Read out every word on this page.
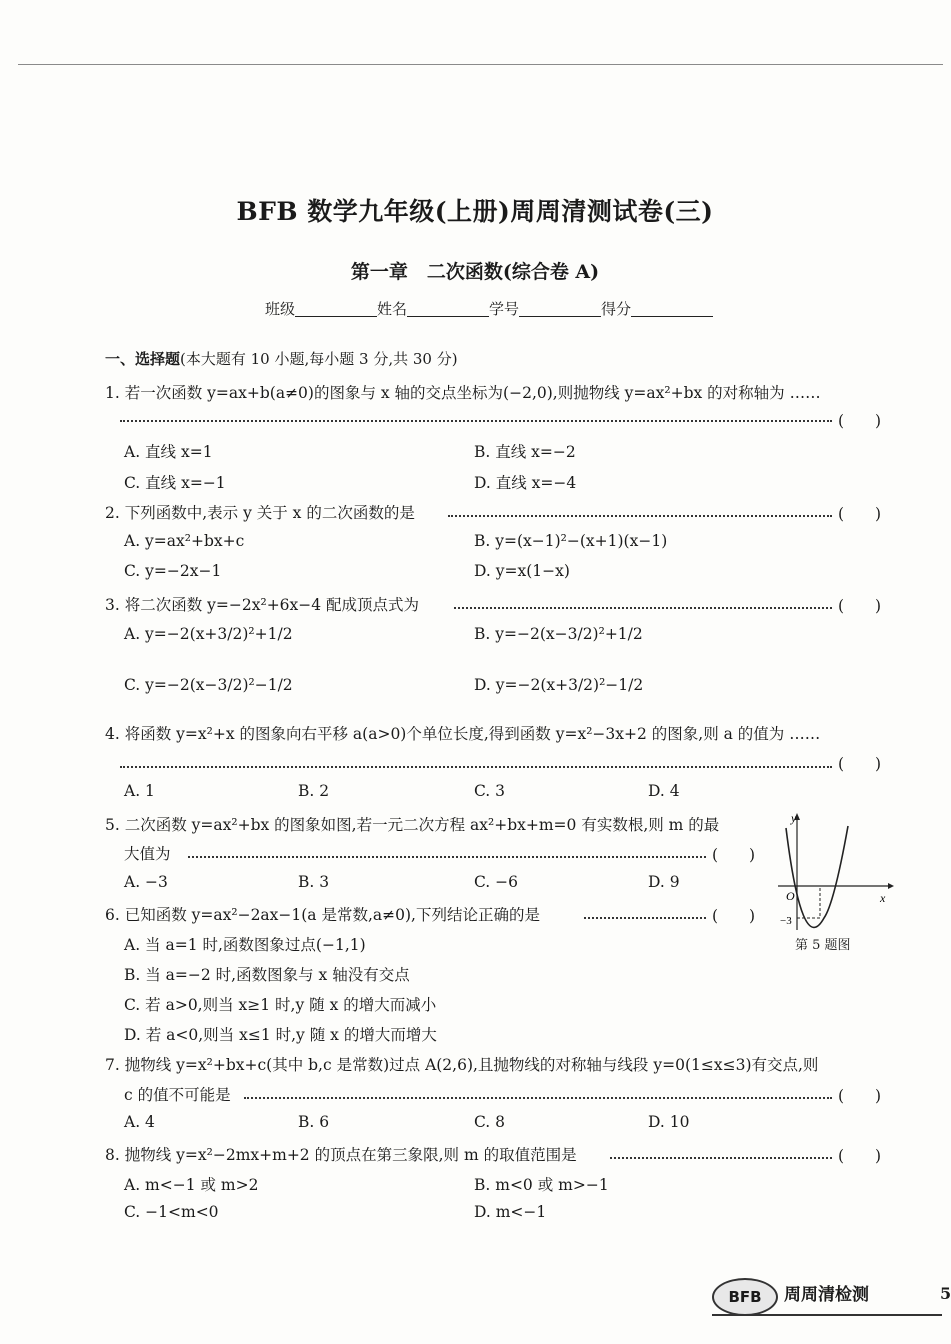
BFB 数学九年级(上册)周周清测试卷(三)
第一章　二次函数(综合卷 A)
班级	姓名	学号	得分
一、选择题(本大题有 10 小题,每小题 3 分,共 30 分)
1. 若一次函数 y=ax+b(a≠0)的图象与 x 轴的交点坐标为(−2,0),则抛物线 y=ax²+bx 的对称轴为 ……
(　　)
A. 直线 x=1	B. 直线 x=−2
C. 直线 x=−1	D. 直线 x=−4
2. 下列函数中,表示 y 关于 x 的二次函数的是	(　　)
A. y=ax²+bx+c	B. y=(x−1)²−(x+1)(x−1)
C. y=−2x−1	D. y=x(1−x)
3. 将二次函数 y=−2x²+6x−4 配成顶点式为	(　　)
A. y=−2(x+3/2)²+1/2	B. y=−2(x−3/2)²+1/2
C. y=−2(x−3/2)²−1/2	D. y=−2(x+3/2)²−1/2
4. 将函数 y=x²+x 的图象向右平移 a(a>0)个单位长度,得到函数 y=x²−3x+2 的图象,则 a 的值为 ……
(　　)
A. 1	B. 2	C. 3	D. 4
5. 二次函数 y=ax²+bx 的图象如图,若一元二次方程 ax²+bx+m=0 有实数根,则 m 的最
大值为	(　　)
A. −3	B. 3	C. −6	D. 9
y
x
O
−3
第 5 题图
6. 已知函数 y=ax²−2ax−1(a 是常数,a≠0),下列结论正确的是	(　　)
A. 当 a=1 时,函数图象过点(−1,1)
B. 当 a=−2 时,函数图象与 x 轴没有交点
C. 若 a>0,则当 x≥1 时,y 随 x 的增大而减小
D. 若 a<0,则当 x≤1 时,y 随 x 的增大而增大
7. 抛物线 y=x²+bx+c(其中 b,c 是常数)过点 A(2,6),且抛物线的对称轴与线段 y=0(1≤x≤3)有交点,则
c 的值不可能是	(　　)
A. 4	B. 6	C. 8	D. 10
8. 抛物线 y=x²−2mx+m+2 的顶点在第三象限,则 m 的取值范围是	(　　)
A. m<−1 或 m>2	B. m<0 或 m>−1
C. −1<m<0	D. m<−1
BFB	周周清检测	5
